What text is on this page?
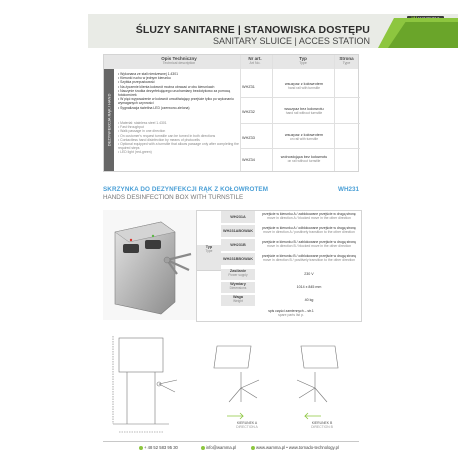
ŚLUZY SANITARNE | STANOWISKA DOSTĘPU
SANITARY SLUICE | ACCES STATION
Opis Techniczny
Technical description
Nr art.
Art No.
Typ
Type
Strona
Type
DEZYNFEKCJA RĄK / HAND
• Wykonana ze stali nierdzewnej 1.4301
• Kierunki ruchu w jednym kierunku
• Szybka przepustowość
• Na życzenie klienta kołowrót można obracać w obu kierunkach
• Naczynie środka dezynfekującego uruchamiany bezdotykowo za pomocą fotokomórek
• W pięć wyposażenie w kołowrót umożliwiający przejście tylko po wykonaniu wymaganych czynności
• Sygnalizacja świetlna LED (czerwono-zielona)
• Material: stainless steel 1.4301
• Fast throughput
• Walk passage in one direction
• On customer's request turnstile can be turned in both directions
• Contactless hand disinfection by means of photocells
• Optional equipped with a turnstile that allows passage only after completing the required steps
• LED light (red-green)
WHZ31
wsuzpaz z kołowrotem
hand rail with turnstile
WHZ32
wsuzpaz bez kołowrotu
hand rail without turnstile
WHZ33
wsuzpaz z kołowrotem
on rail with turnstile
WHZ34
wolnostojąca bez kołowrotu
on rail without turnstile
SKRZYNKA DO DEZYNFEKCJI RĄK Z KOŁOWROTEM
HANDS DESINFECTION BOX WITH TURNSTILE
WH231
Typ
Type
WH231A
przejście w kierunku A / zablokowane przejście w drugą stronę
move in direction A / blocked move in the other direction
WH231ABOWAK
przejście w kierunku A / odblokowane przejście w drugą stronę
move in direction A / positively transition to the other direction
WH231B
przejście w kierunku B / zablokowane przejście w drugą stronę
move in direction B / blocked move in the other direction
WH231BBOWAK
przejście w kierunku B / odblokowane przejście w drugą stronę
move in direction B / positively transition to the other direction
Zasilanie
Power supply	230 V
Wymiary
Dimensions	1014 x 845 mm
Waga
Weight	40 kg
spis części zamiennych – str.1
spare parts list p.
KIERUNEK A
DIRECTION A
KIERUNEK B
DIRECTION B
+ 48 52 583 95 30	info@wamma.pl	www.wamma.pl • www.tornado-technology.pl
